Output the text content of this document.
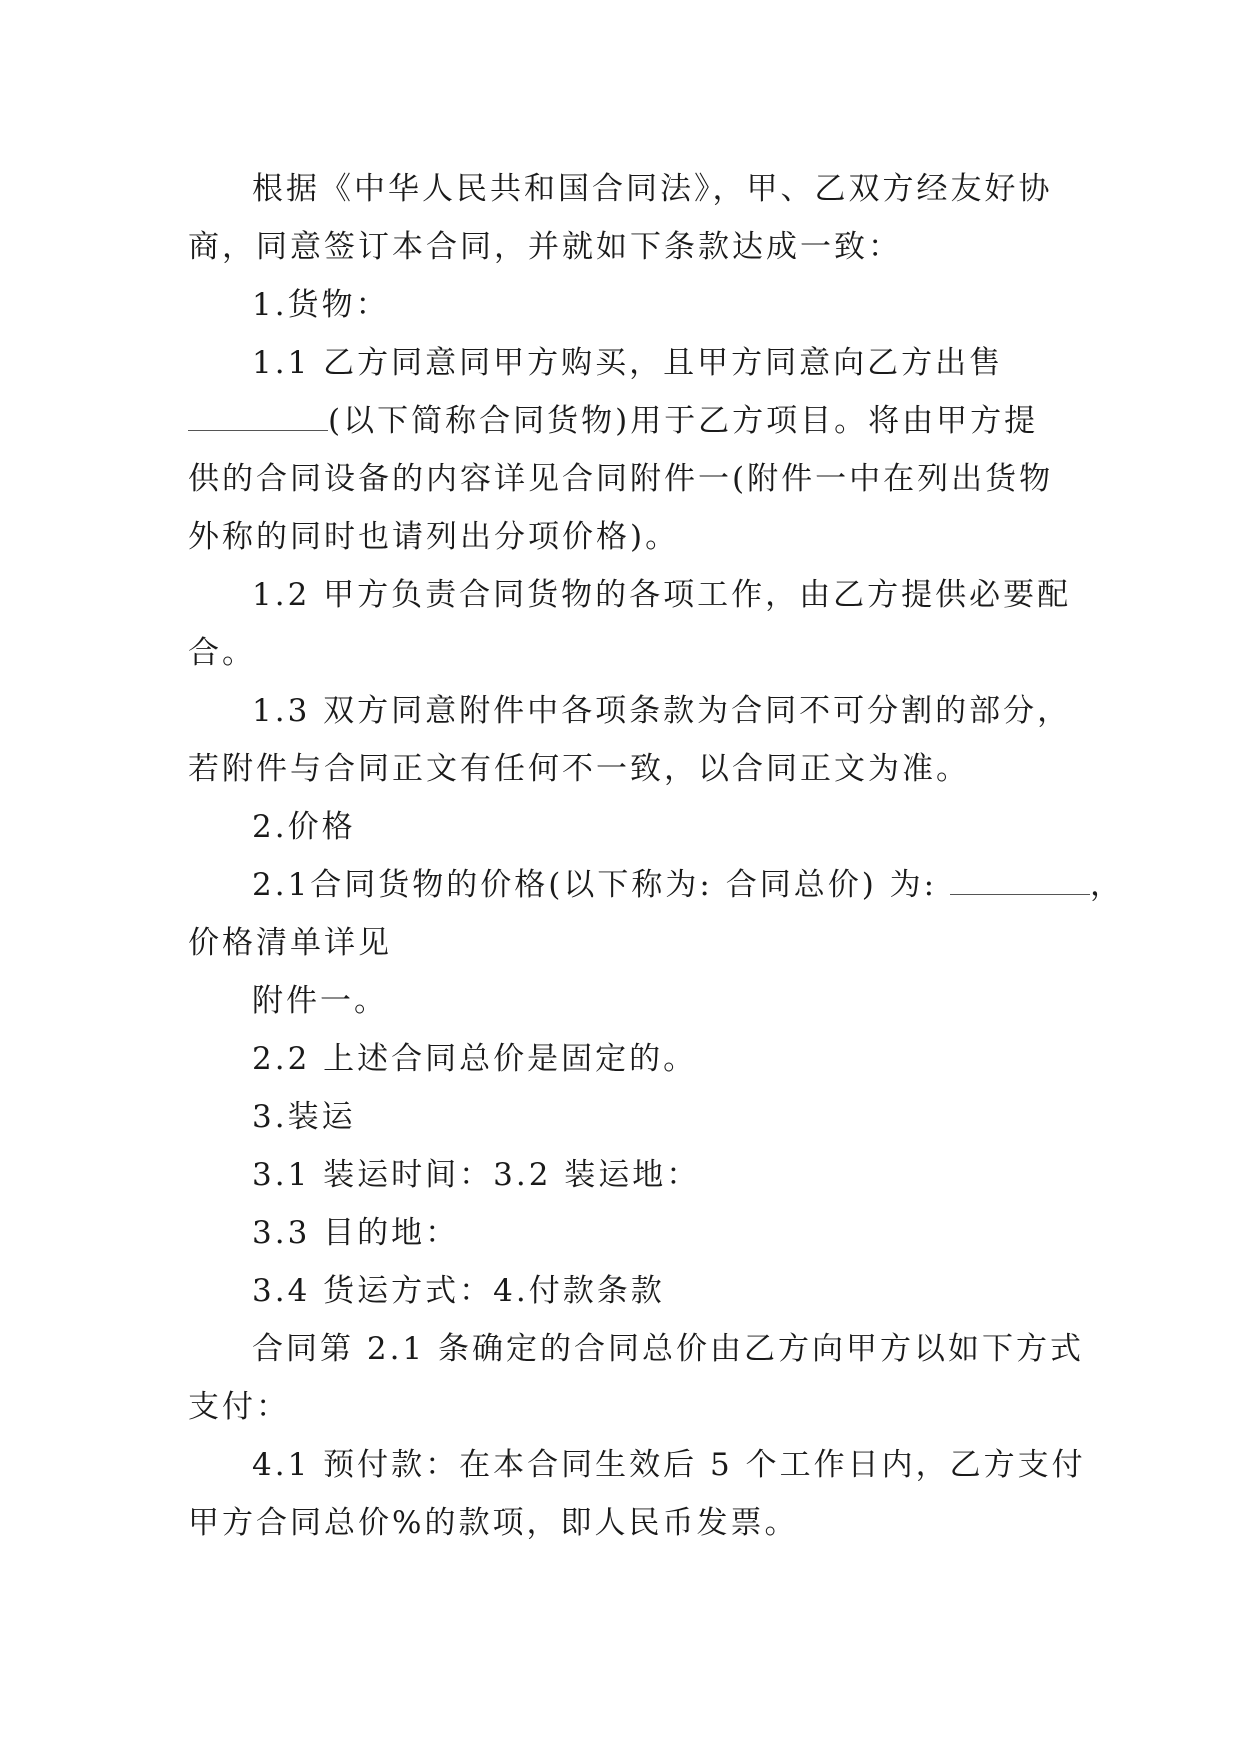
根据《中华人民共和国合同法》，甲、乙双方经友好协

商，同意签订本合同，并就如下条款达成一致：

1.货物：

1.1 乙方同意同甲方购买，且甲方同意向乙方出售

(以下简称合同货物)用于乙方项目。将由甲方提

供的合同设备的内容详见合同附件一(附件一中在列出货物

外称的同时也请列出分项价格)。

1.2 甲方负责合同货物的各项工作，由乙方提供必要配

合。

1.3 双方同意附件中各项条款为合同不可分割的部分，

若附件与合同正文有任何不一致，以合同正文为准。

2.价格

2.1合同货物的价格(以下称为: 合同总价) 为:	，

价格清单详见

附件一。

2.2 上述合同总价是固定的。

3.装运

3.1 装运时间：3.2 装运地：

3.3 目的地：

3.4 货运方式：4.付款条款

合同第 2.1 条确定的合同总价由乙方向甲方以如下方式

支付：

4.1 预付款：在本合同生效后 5 个工作日内，乙方支付

甲方合同总价%的款项，即人民币发票。
